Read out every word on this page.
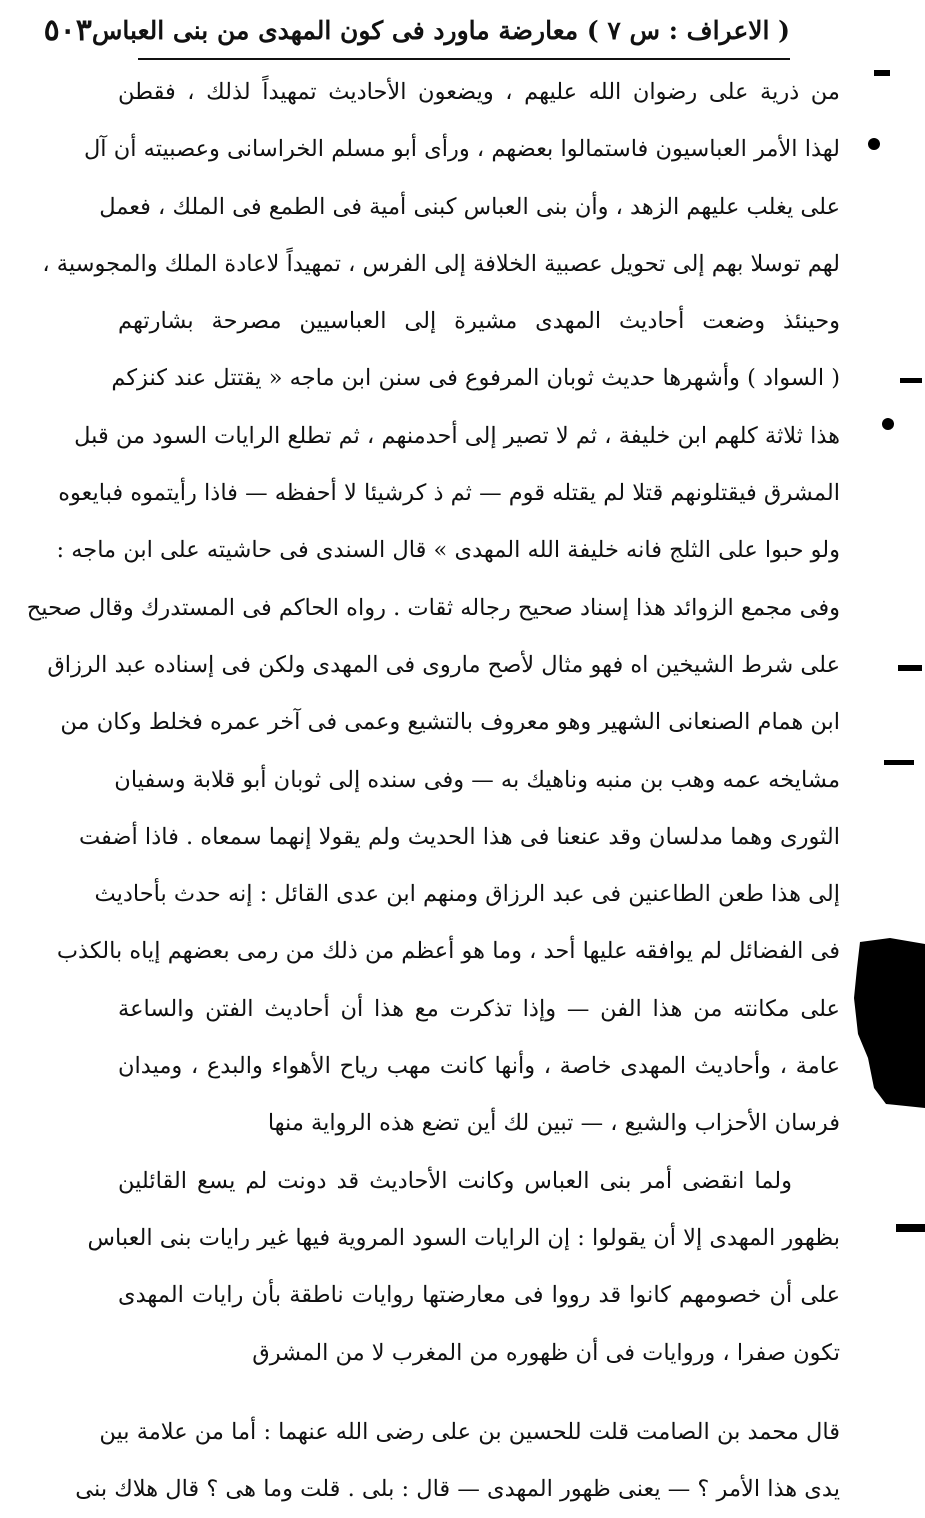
( الاعراف : س ٧ ) معارضة ماورد فى كون المهدى من بنى العباس
٥٠٣
من ذرية على رضوان الله عليهم ، ويضعون الأحاديث تمهيداً لذلك ، فقطن
لهذا الأمر العباسيون فاستمالوا بعضهم ، ورأى أبو مسلم الخراسانى وعصبيته أن آل
على يغلب عليهم الزهد ، وأن بنى العباس كبنى أمية فى الطمع فى الملك ، فعمل
لهم توسلا بهم إلى تحويل عصبية الخلافة إلى الفرس ، تمهيداً لاعادة الملك والمجوسية ،
وحينئذ وضعت أحاديث المهدى مشيرة إلى العباسيين مصرحة بشارتهم
( السواد ) وأشهرها حديث ثوبان المرفوع فى سنن ابن ماجه « يقتتل عند كنزكم
هذا ثلاثة كلهم ابن خليفة ، ثم لا تصير إلى أحدمنهم ، ثم تطلع الرايات السود من قبل
المشرق فيقتلونهم قتلا لم يقتله قوم — ثم ذ كرشيئا لا أحفظه — فاذا رأيتموه فبايعوه
ولو حبوا على الثلج فانه خليفة الله المهدى » قال السندى فى حاشيته على ابن ماجه :
وفى مجمع الزوائد هذا إسناد صحيح رجاله ثقات . رواه الحاكم فى المستدرك وقال صحيح
على شرط الشيخين اه فهو مثال لأصح ماروى فى المهدى ولكن فى إسناده عبد الرزاق
ابن همام الصنعانى الشهير وهو معروف بالتشيع وعمى فى آخر عمره فخلط وكان من
مشايخه عمه وهب بن منبه وناهيك به — وفى سنده إلى ثوبان أبو قلابة وسفيان
الثورى وهما مدلسان وقد عنعنا فى هذا الحديث ولم يقولا إنهما سمعاه . فاذا أضفت
إلى هذا طعن الطاعنين فى عبد الرزاق ومنهم ابن عدى القائل : إنه حدث بأحاديث
فى الفضائل لم يوافقه عليها أحد ، وما هو أعظم من ذلك من رمى بعضهم إياه بالكذب
على مكانته من هذا الفن — وإذا تذكرت مع هذا أن أحاديث الفتن والساعة
عامة ، وأحاديث المهدى خاصة ، وأنها كانت مهب رياح الأهواء والبدع ، وميدان
فرسان الأحزاب والشيع ، — تبين لك أين تضع هذه الرواية منها
ولما انقضى أمر بنى العباس وكانت الأحاديث قد دونت لم يسع القائلين
بظهور المهدى إلا أن يقولوا : إن الرايات السود المروية فيها غير رايات بنى العباس
على أن خصومهم كانوا قد رووا فى معارضتها روايات ناطقة بأن رايات المهدى
تكون صفرا ، وروايات فى أن ظهوره من المغرب لا من المشرق
قال محمد بن الصامت قلت للحسين بن على رضى الله عنهما : أما من علامة بين
يدى هذا الأمر ؟ — يعنى ظهور المهدى — قال : بلى . قلت وما هى ؟ قال هلاك بنى
